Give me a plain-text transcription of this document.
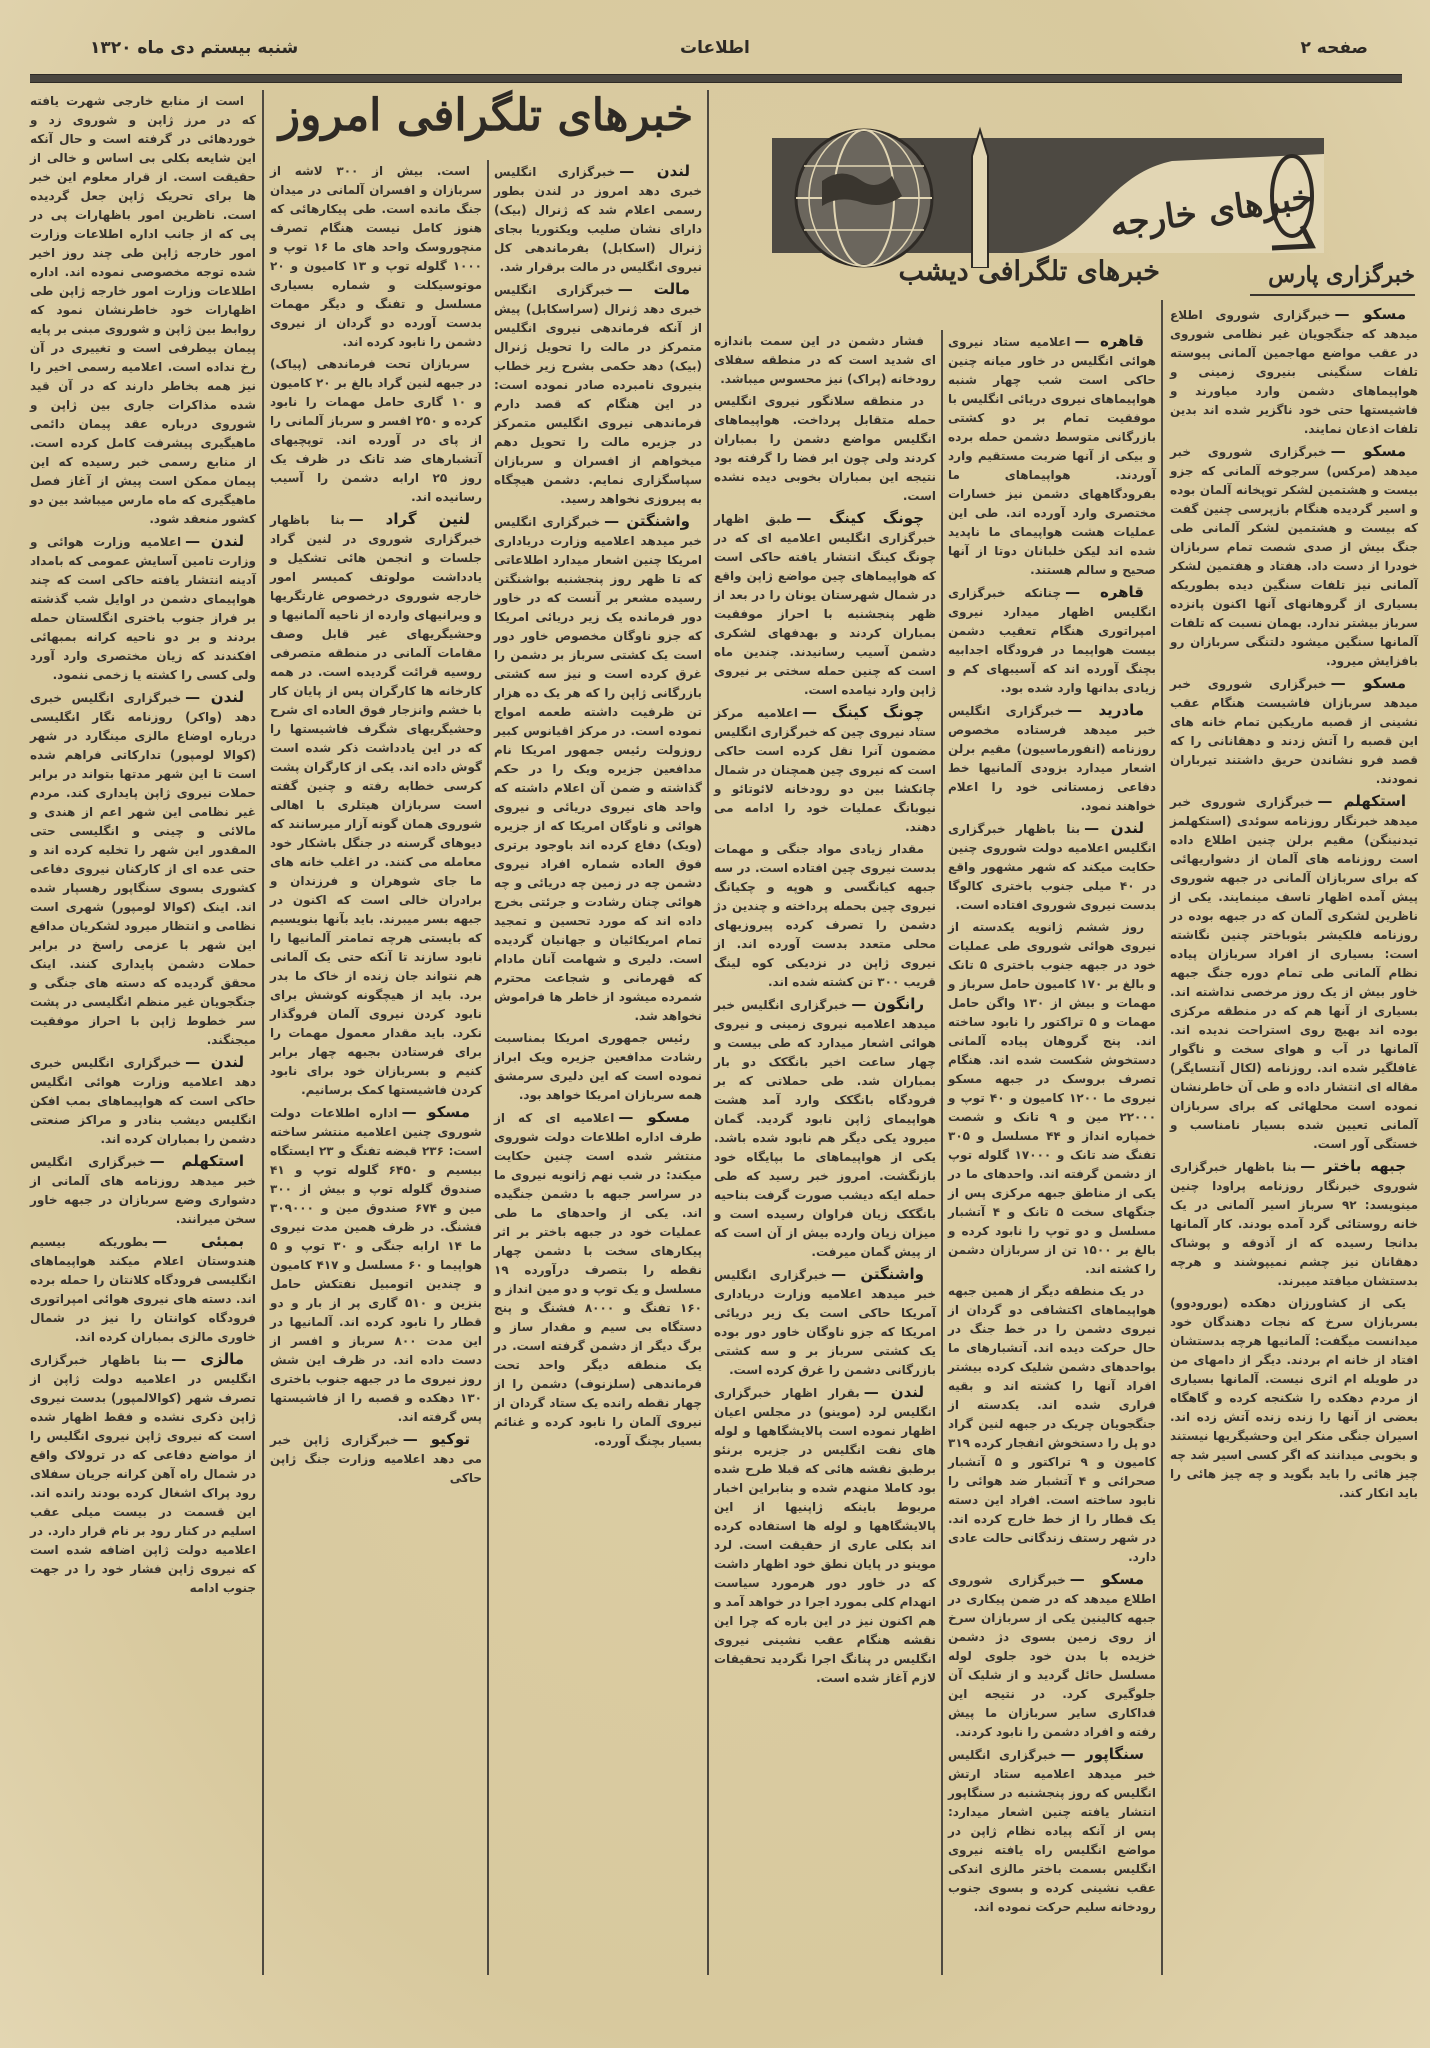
صفحه ۲
اطلاعات
شنبه بیستم دی ماه ۱۳۲۰
خبرهای خارجه
خبرهای تلگرافی امروز
خبرهای تلگرافی دیشب	خبرگزاری پارس

مسکو —خبرگزاری شوروی اطلاع میدهد که جنگجویان غیر نظامی شوروی در عقب مواضع مهاجمین آلمانی پیوسته تلفات سنگینی بنیروی زمینی و هواپیماهای دشمن وارد میاورند و فاشیستها حتی خود ناگزیر شده اند بدین تلفات اذعان نمایند.

مسکو —خبرگزاری شوروی خبر میدهد (مرکس) سرجوخه آلمانی که جزو بیست و هشتمین لشکر توپخانه آلمان بوده و اسیر گردیده هنگام بازپرسی چنین گفت که بیست و هشتمین لشکر آلمانی طی جنگ بیش از صدی شصت تمام سربازان خودرا از دست داد. هفتاد و هفتمین لشکر آلمانی نیز تلفات سنگین دیده بطوریکه بسیاری از گروهانهای آنها اکنون پانزده سرباز بیشتر ندارد. بهمان نسبت که تلفات آلمانها سنگین میشود دلتنگی سربازان رو بافزایش میرود.

مسکو —خبرگزاری شوروی خبر میدهد سربازان فاشیست هنگام عقب نشینی از قصبه ماریکین تمام خانه های این قصبه را آتش زدند و دهقانانی را که قصد فرو نشاندن حریق داشتند تیرباران نمودند.

استکهلم —خبرگزاری شوروی خبر میدهد خبرنگار روزنامه سوئدی (استکهلمز تیدنینگن) مقیم برلن چنین اطلاع داده است روزنامه های آلمان از دشواریهائی که برای سربازان آلمانی در جبهه شوروی پیش آمده اظهار تاسف مینمایند. یکی از ناظرین لشکری آلمان که در جبهه بوده در روزنامه فلکیشر بئوباختر چنین نگاشته است: بسیاری از افراد سربازان پیاده نظام آلمانی طی تمام دوره جنگ جبهه خاور بیش از یک روز مرخصی نداشته اند. بسیاری از آنها هم که در منطقه مرکزی بوده اند بهیچ روی استراحت ندیده اند. آلمانها در آب و هوای سخت و ناگوار غافلگیر شده اند. روزنامه (لکال آنتسایگر) مقاله ای انتشار داده و طی آن خاطرنشان نموده است محلهائی که برای سربازان آلمانی تعیین شده بسیار نامناسب و خستگی آور است.

جبهه باختر —بنا باظهار خبرگزاری شوروی خبرنگار روزنامه پراودا چنین مینویسد: ۹۲ سرباز اسیر آلمانی در یک خانه روستائی گرد آمده بودند. کار آلمانها بدانجا رسیده که از آذوقه و پوشاک دهقانان نیز چشم نمیپوشند و هرچه بدستشان میافتد میبرند.

یکی از کشاورزان دهکده (بورودوو) بسربازان سرخ که نجات دهندگان خود میدانست میگفت: آلمانیها هرچه بدستشان افتاد از خانه ام بردند. دیگر از دامهای من در طویله ام اثری نیست. آلمانها بسیاری از مردم دهکده را شکنجه کرده و گاهگاه بعضی از آنها را زنده زنده آتش زده اند. اسیران جنگی منکر این وحشیگریها نیستند و بخوبی میدانند که اگر کسی اسیر شد چه چیز هائی را باید بگوید و چه چیز هائی را باید انکار کند.

قاهره —اعلامیه ستاد نیروی هوائی انگلیس در خاور میانه چنین حاکی است شب چهار شنبه هواپیماهای نیروی دریائی انگلیس با موفقیت تمام بر دو کشتی بازرگانی متوسط دشمن حمله برده و بیکی از آنها ضربت مستقیم وارد آوردند. هواپیماهای ما بفرودگاههای دشمن نیز خسارات مختصری وارد آورده اند. طی این عملیات هشت هواپیمای ما ناپدید شده اند لیکن خلبانان دوتا از آنها صحیح و سالم هستند.

قاهره —چنانکه خبرگزاری انگلیس اظهار میدارد نیروی امپراتوری هنگام تعقیب دشمن بیست هواپیما در فرودگاه اجدابیه بچنگ آورده اند که آسیبهای کم و زیادی بدانها وارد شده بود.

مادرید —خبرگزاری انگلیس خبر میدهد فرستاده مخصوص روزنامه (انفورماسیون) مقیم برلن اشعار میدارد بزودی آلمانیها خط دفاعی زمستانی خود را اعلام خواهند نمود.

لندن —بنا باظهار خبرگزاری انگلیس اعلامیه دولت شوروی چنین حکایت میکند که شهر مشهور واقع در ۴۰ میلی جنوب باختری کالوگا بدست نیروی شوروی افتاده است.

روز ششم ژانویه یکدسته از نیروی هوائی شوروی طی عملیات خود در جبهه جنوب باختری ۵ تانک و بالغ بر ۱۷۰ کامیون حامل سرباز و مهمات و بیش از ۱۳۰ واگن حامل مهمات و ۵ تراکتور را نابود ساخته اند. پنج گروهان پیاده آلمانی دستخوش شکست شده اند. هنگام تصرف بروسک در جبهه مسکو نیروی ما ۱۲۰۰ کامیون و ۴۰ توپ و ۲۲۰۰۰ مین و ۹ تانک و شصت خمپاره انداز و ۴۴ مسلسل و ۳۰۵ تفنگ ضد تانک و ۱۷۰۰۰ گلوله توپ از دشمن گرفته اند. واحدهای ما در یکی از مناطق جبهه مرکزی پس از جنگهای سخت ۵ تانک و ۴ آتشبار مسلسل و دو توپ را نابود کرده و بالغ بر ۱۵۰۰ تن از سربازان دشمن را کشته اند.

در یک منطقه دیگر از همین جبهه هواپیماهای اکتشافی دو گردان از نیروی دشمن را در خط جنگ در حال حرکت دیده اند. آتشبارهای ما بواحدهای دشمن شلیک کرده بیشتر افراد آنها را کشته اند و بقیه فراری شده اند. یکدسته از جنگجویان چریک در جبهه لنین گراد دو پل را دستخوش انفجار کرده ۳۱۹ کامیون و ۹ تراکتور و ۵ آتشبار صحرائی و ۴ آتشبار ضد هوائی را نابود ساخته است. افراد این دسته یک قطار را از خط خارج کرده اند. در شهر رستف زندگانی حالت عادی دارد.

مسکو —خبرگزاری شوروی اطلاع میدهد که در ضمن پیکاری در جبهه کالینین یکی از سربازان سرخ از روی زمین بسوی دژ دشمن خزیده با بدن خود جلوی لوله مسلسل حائل گردید و از شلیک آن جلوگیری کرد. در نتیجه این فداکاری سایر سربازان ما پیش رفته و افراد دشمن را نابود کردند.

سنگاپور —خبرگزاری انگلیس خبر میدهد اعلامیه ستاد ارتش انگلیس که روز پنجشنبه در سنگاپور انتشار یافته چنین اشعار میدارد: پس از آنکه پیاده نظام ژاپن در مواضع انگلیس راه یافته نیروی انگلیس بسمت باختر مالزی اندکی عقب نشینی کرده و بسوی جنوب رودخانه سلیم حرکت نموده اند.

فشار دشمن در این سمت باندازه ای شدید است که در منطقه سفلای رودخانه (پراک) نیز محسوس میباشد.

در منطقه سلانگور نیروی انگلیس حمله متقابل پرداخت. هواپیماهای انگلیس مواضع دشمن را بمباران کردند ولی چون ابر فضا را گرفته بود نتیجه این بمباران بخوبی دیده نشده است.

چونگ کینگ —طبق اظهار خبرگزاری انگلیس اعلامیه ای که در چونگ کینگ انتشار یافته حاکی است که هواپیماهای چین مواضع ژاپن واقع در شمال شهرستان یونان را در بعد از ظهر پنجشنبه با احراز موفقیت بمباران کردند و بهدفهای لشکری دشمن آسیب رسانیدند. چندین ماه است که چنین حمله سختی بر نیروی ژاپن وارد نیامده است.

چونگ کینگ —اعلامیه مرکز ستاد نیروی چین که خبرگزاری انگلیس مضمون آنرا نقل کرده است حاکی است که نیروی چین همچنان در شمال چانکشا بین دو رودخانه لائوتائو و نیوبانگ عملیات خود را ادامه می دهند.

مقدار زیادی مواد جنگی و مهمات بدست نیروی چین افتاده است. در سه جبهه کیانگسی و هوپه و چکیانگ نیروی چین بحمله پرداخته و چندین دژ دشمن را تصرف کرده پیروزیهای محلی متعدد بدست آورده اند. از نیروی ژاپن در نزدیکی کوه لینگ قریب ۳۰۰ تن کشته شده اند.

رانگون —خبرگزاری انگلیس خبر میدهد اعلامیه نیروی زمینی و نیروی هوائی اشعار میدارد که طی بیست و چهار ساعت اخیر بانگکک دو بار بمباران شد. طی حملاتی که بر فرودگاه بانگکک وارد آمد هشت هواپیمای ژاپن نابود گردید. گمان میرود یکی دیگر هم نابود شده باشد. یکی از هواپیماهای ما بپایگاه خود بازنگشت. امروز خبر رسید که طی حمله ایکه دیشب صورت گرفت بناحیه بانگکک زیان فراوان رسیده است و میزان زیان وارده بیش از آن است که از پیش گمان میرفت.

واشنگتن —خبرگزاری انگلیس خبر میدهد اعلامیه وزارت دریاداری آمریکا حاکی است یک زیر دریائی امریکا که جزو ناوگان خاور دور بوده یک کشتی سرباز بر و سه کشتی بازرگانی دشمن را غرق کرده است.

لندن —بقرار اظهار خبرگزاری انگلیس لرد (موینو) در مجلس اعیان اظهار نموده است پالایشگاهها و لوله های نفت انگلیس در جزیره برنئو برطبق نقشه هائی که قبلا طرح شده بود کاملا منهدم شده و بنابراین اخبار مربوط باینکه ژاپنیها از این پالایشگاهها و لوله ها استفاده کرده اند بکلی عاری از حقیقت است. لرد موینو در پایان نطق خود اظهار داشت که در خاور دور هرمورد سیاست انهدام کلی بمورد اجرا در خواهد آمد و هم اکنون نیز در این باره که چرا این نقشه هنگام عقب نشینی نیروی انگلیس در پنانگ اجرا نگردید تحقیقات لازم آغاز شده است.

لندن —خبرگزاری انگلیس خبری دهد امروز در لندن بطور رسمی اعلام شد که ژنرال (بیک) دارای نشان صلیب ویکتوریا بجای ژنرال (اسکابل) بفرماندهی کل نیروی انگلیس در مالت برقرار شد.

مالت —خبرگزاری انگلیس خبری دهد ژنرال (سراسکابل) پیش از آنکه فرماندهی نیروی انگلیس متمرکز در مالت را تحویل ژنرال (بیک) دهد حکمی بشرح زیر خطاب بنیروی نامبرده صادر نموده است: در این هنگام که قصد دارم فرماندهی نیروی انگلیس متمرکز در جزیره مالت را تحویل دهم میخواهم از افسران و سربازان سپاسگزاری نمایم. دشمن هیچگاه به پیروزی نخواهد رسید.

واشنگتن —خبرگزاری انگلیس خبر میدهد اعلامیه وزارت دریاداری امریکا چنین اشعار میدارد اطلاعاتی که تا ظهر روز پنجشنبه بواشنگتن رسیده مشعر بر آنست که در خاور دور فرمانده یک زیر دریائی امریکا که جزو ناوگان مخصوص خاور دور است یک کشتی سرباز بر دشمن را غرق کرده است و نیز سه کشتی بازرگانی ژاپن را که هر یک ده هزار تن ظرفیت داشته طعمه امواج نموده است. در مرکز اقیانوس کبیر روزولت رئیس جمهور امریکا نام مدافعین جزیره ویک را در حکم گذاشته و ضمن آن اعلام داشته که واحد های نیروی دریائی و نیروی هوائی و ناوگان امریکا که از جزیره (ویک) دفاع کرده اند باوجود برتری فوق العاده شماره افراد نیروی دشمن چه در زمین چه دریائی و چه هوائی چنان رشادت و جرئتی بخرج داده اند که مورد تحسین و تمجید تمام امریکائیان و جهانیان گردیده است. دلیری و شهامت آنان مادام که قهرمانی و شجاعت محترم شمرده میشود از خاطر ها فراموش نخواهد شد.

رئیس جمهوری امریکا بمناسبت رشادت مدافعین جزیره ویک ابراز نموده است که این دلیری سرمشق همه سربازان امریکا خواهد بود.

مسکو —اعلامیه ای که از طرف اداره اطلاعات دولت شوروی منتشر شده است چنین حکایت میکند: در شب نهم ژانویه نیروی ما در سراسر جبهه با دشمن جنگیده اند. یکی از واحدهای ما طی عملیات خود در جبهه باختر بر اثر پیکارهای سخت با دشمن چهار نقطه را بتصرف درآورده ۱۹ مسلسل و یک توپ و دو مین انداز و ۱۶۰ تفنگ و ۸۰۰۰ فشنگ و پنج دستگاه بی سیم و مقدار ساز و برگ دیگر از دشمن گرفته است. در یک منطقه دیگر واحد تحت فرماندهی (سلزنوف) دشمن را از چهار نقطه رانده یک ستاد گردان از نیروی آلمان را نابود کرده و غنائم بسیار بچنگ آورده.

است. بیش از ۳۰۰ لاشه از سربازان و افسران آلمانی در میدان جنگ مانده است. طی پیکارهائی که هنوز کامل نیست هنگام تصرف منچوروسک واحد های ما ۱۶ توپ و ۱۰۰۰ گلوله توپ و ۱۳ کامیون و ۲۰ موتوسیکلت و شماره بسیاری مسلسل و تفنگ و دیگر مهمات بدست آورده دو گردان از نیروی دشمن را نابود کرده اند.

سربازان تحت فرماندهی (پیاک) در جبهه لنین گراد بالغ بر ۲۰ کامیون و ۱۰ گاری حامل مهمات را نابود کرده و ۲۵۰ افسر و سرباز آلمانی را از پای در آورده اند. توپچیهای آتشبارهای ضد تانک در ظرف یک روز ۲۵ ارابه دشمن را آسیب رسانیده اند.

لنین گراد —بنا باظهار خبرگزاری شوروی در لنین گراد جلسات و انجمن هائی تشکیل و یادداشت مولوتف کمیسر امور خارجه شوروی درخصوص غارتگریها و ویرانیهای وارده از ناحیه آلمانیها و وحشیگریهای غیر قابل وصف مقامات آلمانی در منطقه متصرفی روسیه قرائت گردیده است. در همه کارخانه ها کارگران پس از پایان کار با خشم وانزجار فوق العاده ای شرح وحشیگریهای شگرف فاشیستها را که در این یادداشت ذکر شده است گوش داده اند. یکی از کارگران پشت کرسی خطابه رفته و چنین گفته است سربازان هیتلری با اهالی شوروی همان گونه آزار میرسانند که دیوهای گرسنه در جنگل باشکار خود معامله می کنند. در اغلب خانه های ما جای شوهران و فرزندان و برادران خالی است که اکنون در جبهه بسر میبرند. باید بآنها بنویسیم که بایستی هرچه تمامتر آلمانیها را نابود سازند تا آنکه حتی یک آلمانی هم نتواند جان زنده از خاک ما بدر برد. باید از هیچگونه کوشش برای نابود کردن نیروی آلمان فروگذار نکرد. باید مقدار معمول مهمات را برای فرستادن بجبهه چهار برابر کنیم و بسربازان خود برای نابود کردن فاشیستها کمک برسانیم.

مسکو —اداره اطلاعات دولت شوروی چنین اعلامیه منتشر ساخته است: ۲۳۶ قبضه تفنگ و ۲۳ ایستگاه بیسیم و ۶۴۵۰ گلوله توپ و ۴۱ صندوق گلوله توپ و بیش از ۳۰۰ مین و ۶۷۴ صندوق مین و ۳۰۹۰۰۰ فشنگ. در ظرف همین مدت نیروی ما ۱۴ ارابه جنگی و ۳۰ توپ و ۵ هواپیما و ۶۰ مسلسل و ۴۱۷ کامیون و چندین اتومبیل نفتکش حامل بنزین و ۵۱۰ گاری پر از بار و دو قطار را نابود کرده اند. آلمانیها در این مدت ۸۰۰ سرباز و افسر از دست داده اند. در ظرف این شش روز نیروی ما در جبهه جنوب باختری ۱۳۰ دهکده و قصبه را از فاشیستها پس گرفته اند.

توکیو —خبرگزاری ژاپن خبر می دهد اعلامیه وزارت جنگ ژاپن حاکی

است از منابع خارجی شهرت یافته که در مرز ژاپن و شوروی زد و خوردهائی در گرفته است و حال آنکه این شایعه بکلی بی اساس و خالی از حقیقت است. از قرار معلوم این خبر ها برای تحریک ژاپن جعل گردیده است. ناظرین امور باظهارات پی در پی که از جانب اداره اطلاعات وزارت امور خارجه ژاپن طی چند روز اخیر شده توجه مخصوصی نموده اند. اداره اطلاعات وزارت امور خارجه ژاپن طی اظهارات خود خاطرنشان نمود که روابط بین ژاپن و شوروی مبنی بر پایه پیمان بیطرفی است و تغییری در آن رخ نداده است. اعلامیه رسمی اخیر را نیز همه بخاطر دارند که در آن قید شده مذاکرات جاری بین ژاپن و شوروی درباره عقد پیمان دائمی ماهیگیری پیشرفت کامل کرده است. از منابع رسمی خبر رسیده که این پیمان ممکن است پیش از آغاز فصل ماهیگیری که ماه مارس میباشد بین دو کشور منعقد شود.

لندن —اعلامیه وزارت هوائی و وزارت تامین آسایش عمومی که بامداد آدینه انتشار یافته حاکی است که چند هواپیمای دشمن در اوایل شب گذشته بر فراز جنوب باختری انگلستان حمله بردند و بر دو ناحیه کرانه بمبهائی افکندند که زیان مختصری وارد آورد ولی کسی را کشته یا زخمی ننمود.

لندن —خبرگزاری انگلیس خبری دهد (واکر) روزنامه نگار انگلیسی درباره اوضاع مالزی مینگارد در شهر (کوالا لومپور) تدارکاتی فراهم شده است تا این شهر مدتها بتواند در برابر حملات نیروی ژاپن پایداری کند. مردم غیر نظامی این شهر اعم از هندی و مالائی و چینی و انگلیسی حتی المقدور این شهر را تخلیه کرده اند و حتی عده ای از کارکنان نیروی دفاعی کشوری بسوی سنگاپور رهسپار شده اند. اینک (کوالا لومپور) شهری است نظامی و انتظار میرود لشکریان مدافع این شهر با عزمی راسخ در برابر حملات دشمن پایداری کنند. اینک محقق گردیده که دسته های جنگی و جنگجویان غیر منظم انگلیسی در پشت سر خطوط ژاپن با احراز موفقیت میجنگند.

لندن —خبرگزاری انگلیس خبری دهد اعلامیه وزارت هوائی انگلیس حاکی است که هواپیماهای بمب افکن انگلیس دیشب بنادر و مراکز صنعتی دشمن را بمباران کرده اند.

استکهلم —خبرگزاری انگلیس خبر میدهد روزنامه های آلمانی از دشواری وضع سربازان در جبهه خاور سخن میرانند.

بمبئی —بطوریکه بیسیم هندوستان اعلام میکند هواپیماهای انگلیسی فرودگاه کلانتان را حمله برده اند. دسته های نیروی هوائی امپراتوری فرودگاه کوانتان را نیز در شمال خاوری مالزی بمباران کرده اند.

مالزی —بنا باظهار خبرگزاری انگلیس در اعلامیه دولت ژاپن از تصرف شهر (کوالالمپور) بدست نیروی ژاپن ذکری نشده و فقط اظهار شده است که نیروی ژاپن نیروی انگلیس را از مواضع دفاعی که در ترولاک واقع در شمال راه آهن کرانه جریان سفلای رود پراک اشغال کرده بودند رانده اند. این قسمت در بیست میلی عقب اسلیم در کنار رود بر نام قرار دارد. در اعلامیه دولت ژاپن اضافه شده است که نیروی ژاپن فشار خود را در جهت جنوب ادامه
